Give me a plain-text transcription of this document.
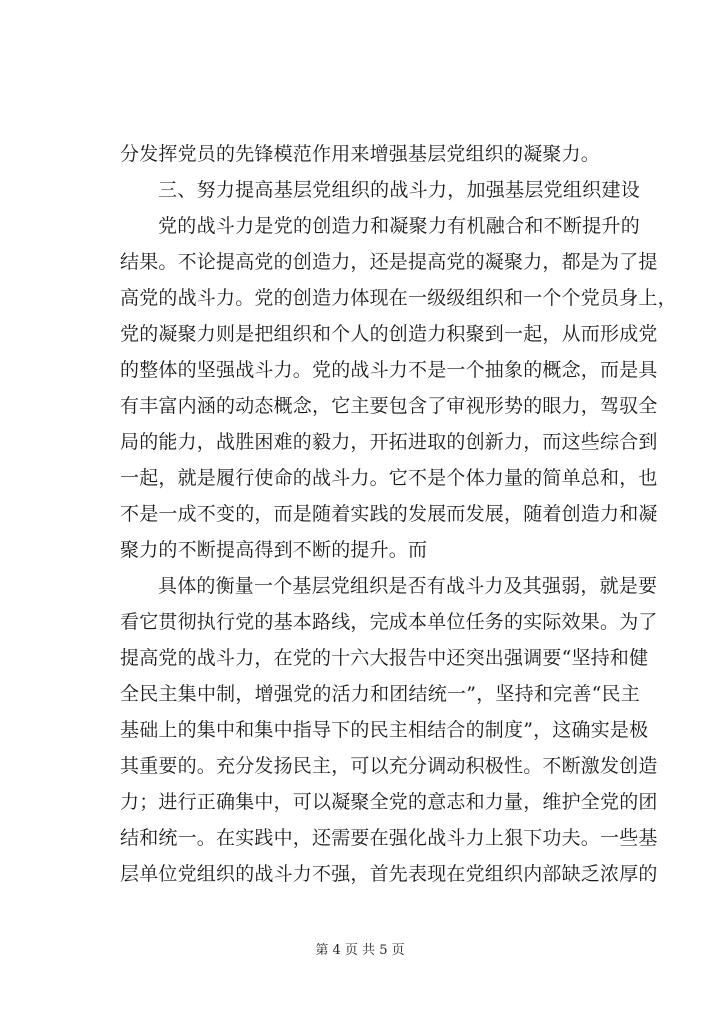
分发挥党员的先锋模范作用来增强基层党组织的凝聚力。
三、努力提高基层党组织的战斗力，加强基层党组织建设
党的战斗力是党的创造力和凝聚力有机融合和不断提升的
结果。不论提高党的创造力，还是提高党的凝聚力，都是为了提
高党的战斗力。党的创造力体现在一级级组织和一个个党员身上，
党的凝聚力则是把组织和个人的创造力积聚到一起，从而形成党
的整体的坚强战斗力。党的战斗力不是一个抽象的概念，而是具
有丰富内涵的动态概念，它主要包含了审视形势的眼力，驾驭全
局的能力，战胜困难的毅力，开拓进取的创新力，而这些综合到
一起，就是履行使命的战斗力。它不是个体力量的简单总和，也
不是一成不变的，而是随着实践的发展而发展，随着创造力和凝
聚力的不断提高得到不断的提升。而
具体的衡量一个基层党组织是否有战斗力及其强弱，就是要
看它贯彻执行党的基本路线，完成本单位任务的实际效果。为了
提高党的战斗力，在党的十六大报告中还突出强调要“坚持和健
全民主集中制，增强党的活力和团结统一”，坚持和完善“民主
基础上的集中和集中指导下的民主相结合的制度”，这确实是极
其重要的。充分发扬民主，可以充分调动积极性。不断激发创造
力；进行正确集中，可以凝聚全党的意志和力量，维护全党的团
结和统一。在实践中，还需要在强化战斗力上狠下功夫。一些基
层单位党组织的战斗力不强，首先表现在党组织内部缺乏浓厚的
第 4 页 共 5 页
